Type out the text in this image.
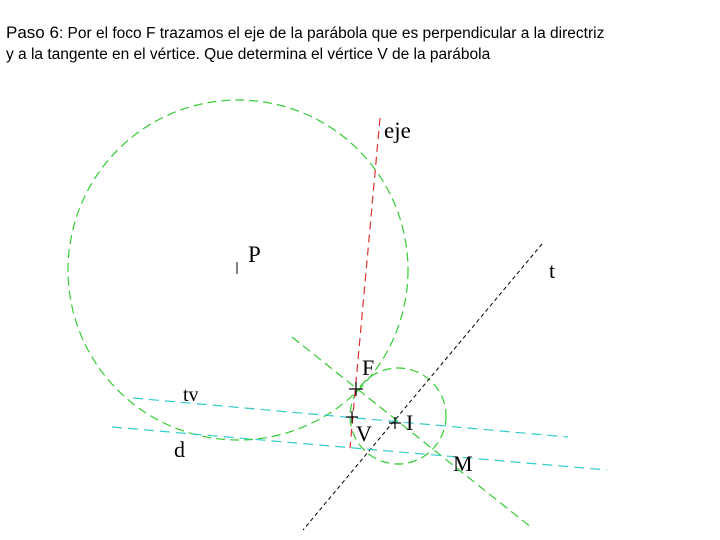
Paso 6: Por el foco F trazamos el eje de la parábola que es perpendicular a la directriz
y a la tangente en el vértice. Que determina el vértice V de la parábola
eje
P
t
F
tv
V I
d
M
